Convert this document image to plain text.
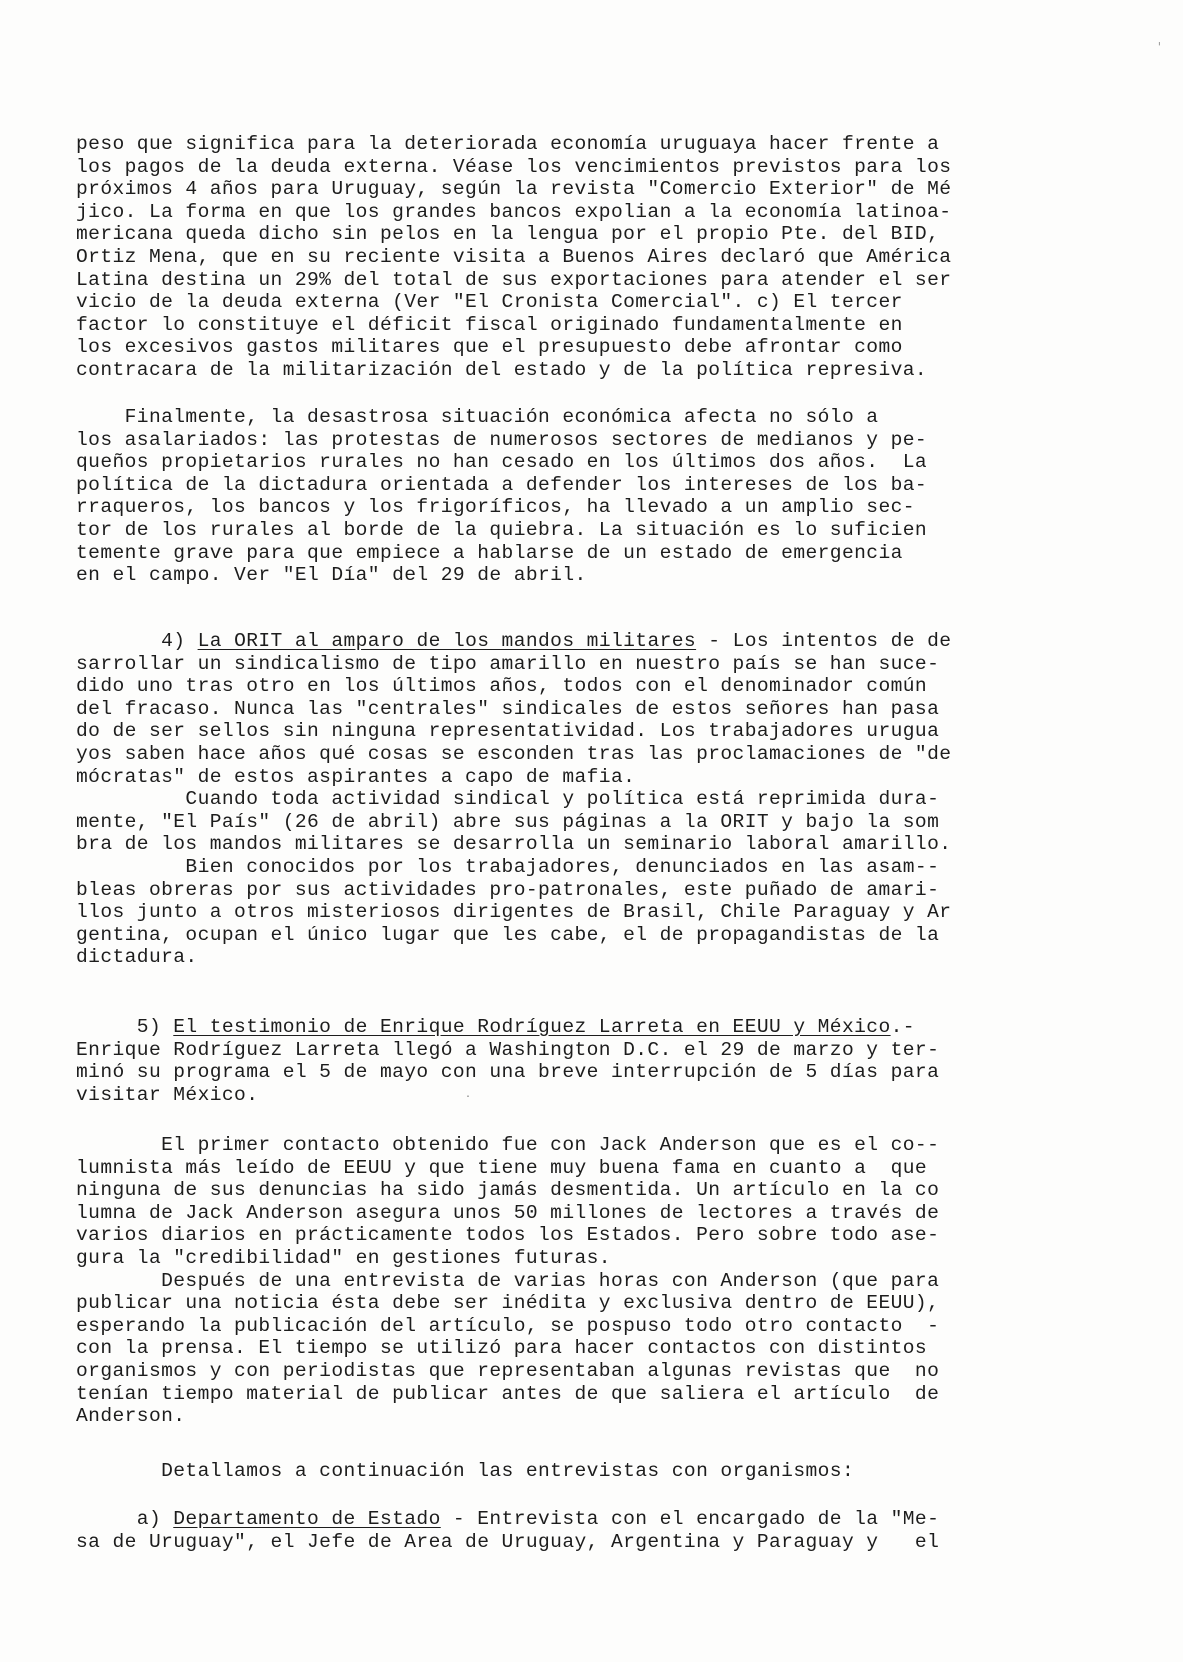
'
.
peso que significa para la deteriorada economía uruguaya hacer frente a
los pagos de la deuda externa. Véase los vencimientos previstos para los
próximos 4 años para Uruguay, según la revista "Comercio Exterior" de Mé
jico. La forma en que los grandes bancos expolian a la economía latinoa-
mericana queda dicho sin pelos en la lengua por el propio Pte. del BID,
Ortiz Mena, que en su reciente visita a Buenos Aires declaró que América
Latina destina un 29% del total de sus exportaciones para atender el ser
vicio de la deuda externa (Ver "El Cronista Comercial". c) El tercer
factor lo constituye el déficit fiscal originado fundamentalmente en
los excesivos gastos militares que el presupuesto debe afrontar como
contracara de la militarización del estado y de la política represiva.
Finalmente, la desastrosa situación económica afecta no sólo a
los asalariados: las protestas de numerosos sectores de medianos y pe-
queños propietarios rurales no han cesado en los últimos dos años.  La
política de la dictadura orientada a defender los intereses de los ba-
rraqueros, los bancos y los frigoríficos, ha llevado a un amplio sec-
tor de los rurales al borde de la quiebra. La situación es lo suficien
temente grave para que empiece a hablarse de un estado de emergencia
en el campo. Ver "El Día" del 29 de abril.
4) La ORIT al amparo de los mandos militares - Los intentos de de
sarrollar un sindicalismo de tipo amarillo en nuestro país se han suce-
dido uno tras otro en los últimos años, todos con el denominador común
del fracaso. Nunca las "centrales" sindicales de estos señores han pasa
do de ser sellos sin ninguna representatividad. Los trabajadores urugua
yos saben hace años qué cosas se esconden tras las proclamaciones de "de
mócratas" de estos aspirantes a capo de mafia.
Cuando toda actividad sindical y política está reprimida dura-
mente, "El País" (26 de abril) abre sus páginas a la ORIT y bajo la som
bra de los mandos militares se desarrolla un seminario laboral amarillo.
Bien conocidos por los trabajadores, denunciados en las asam--
bleas obreras por sus actividades pro-patronales, este puñado de amari-
llos junto a otros misteriosos dirigentes de Brasil, Chile Paraguay y Ar
gentina, ocupan el único lugar que les cabe, el de propagandistas de la
dictadura.
5) El testimonio de Enrique Rodríguez Larreta en EEUU y México.-
Enrique Rodríguez Larreta llegó a Washington D.C. el 29 de marzo y ter-
minó su programa el 5 de mayo con una breve interrupción de 5 días para
visitar México.
El primer contacto obtenido fue con Jack Anderson que es el co--
lumnista más leído de EEUU y que tiene muy buena fama en cuanto a  que
ninguna de sus denuncias ha sido jamás desmentida. Un artículo en la co
lumna de Jack Anderson asegura unos 50 millones de lectores a través de
varios diarios en prácticamente todos los Estados. Pero sobre todo ase-
gura la "credibilidad" en gestiones futuras.
Después de una entrevista de varias horas con Anderson (que para
publicar una noticia ésta debe ser inédita y exclusiva dentro de EEUU),
esperando la publicación del artículo, se pospuso todo otro contacto  -
con la prensa. El tiempo se utilizó para hacer contactos con distintos
organismos y con periodistas que representaban algunas revistas que  no
tenían tiempo material de publicar antes de que saliera el artículo  de
Anderson.
Detallamos a continuación las entrevistas con organismos:
a) Departamento de Estado - Entrevista con el encargado de la "Me-
sa de Uruguay", el Jefe de Area de Uruguay, Argentina y Paraguay y   el
